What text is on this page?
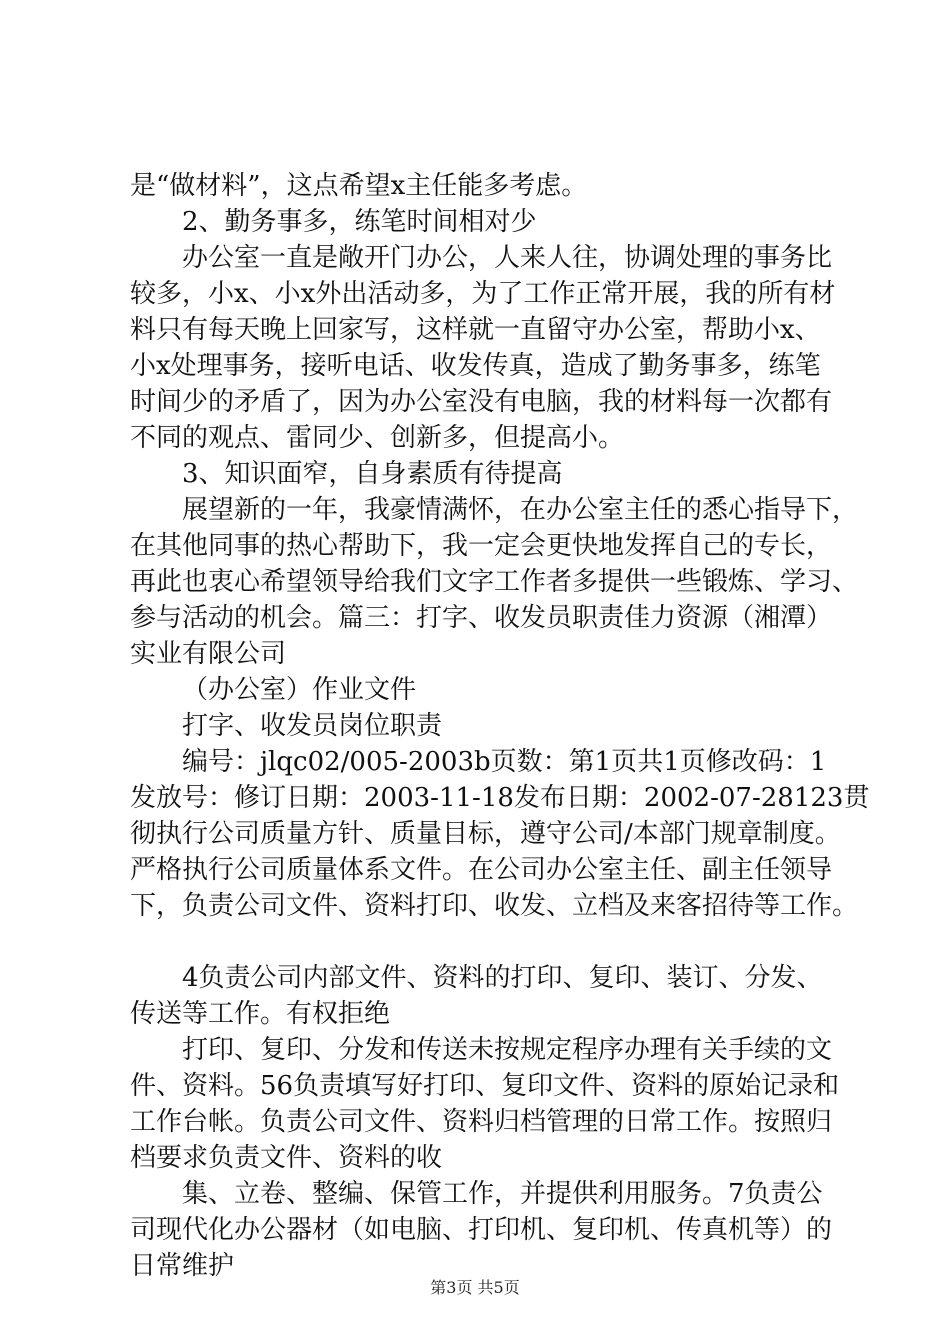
是“做材料”，这点希望x主任能多考虑。
2、勤务事多，练笔时间相对少
办公室一直是敞开门办公，人来人往，协调处理的事务比
较多，小x、小x外出活动多，为了工作正常开展，我的所有材
料只有每天晚上回家写，这样就一直留守办公室，帮助小x、
小x处理事务，接听电话、收发传真，造成了勤务事多，练笔
时间少的矛盾了，因为办公室没有电脑，我的材料每一次都有
不同的观点、雷同少、创新多，但提高小。
3、知识面窄，自身素质有待提高
展望新的一年，我豪情满怀，在办公室主任的悉心指导下，
在其他同事的热心帮助下，我一定会更快地发挥自己的专长，
再此也衷心希望领导给我们文字工作者多提供一些锻炼、学习、
参与活动的机会。篇三：打字、收发员职责佳力资源（湘潭）
实业有限公司
（办公室）作业文件
打字、收发员岗位职责
编号：jlqc02/005-2003b页数：第1页共1页修改码：1
发放号：修订日期：2003-11-18发布日期：2002-07-28123贯
彻执行公司质量方针、质量目标，遵守公司/本部门规章制度。
严格执行公司质量体系文件。在公司办公室主任、副主任领导
下，负责公司文件、资料打印、收发、立档及来客招待等工作。
4负责公司内部文件、资料的打印、复印、装订、分发、
传送等工作。有权拒绝
打印、复印、分发和传送未按规定程序办理有关手续的文
件、资料。56负责填写好打印、复印文件、资料的原始记录和
工作台帐。负责公司文件、资料归档管理的日常工作。按照归
档要求负责文件、资料的收
集、立卷、整编、保管工作，并提供利用服务。7负责公
司现代化办公器材（如电脑、打印机、复印机、传真机等）的
日常维护
第3页 共5页
